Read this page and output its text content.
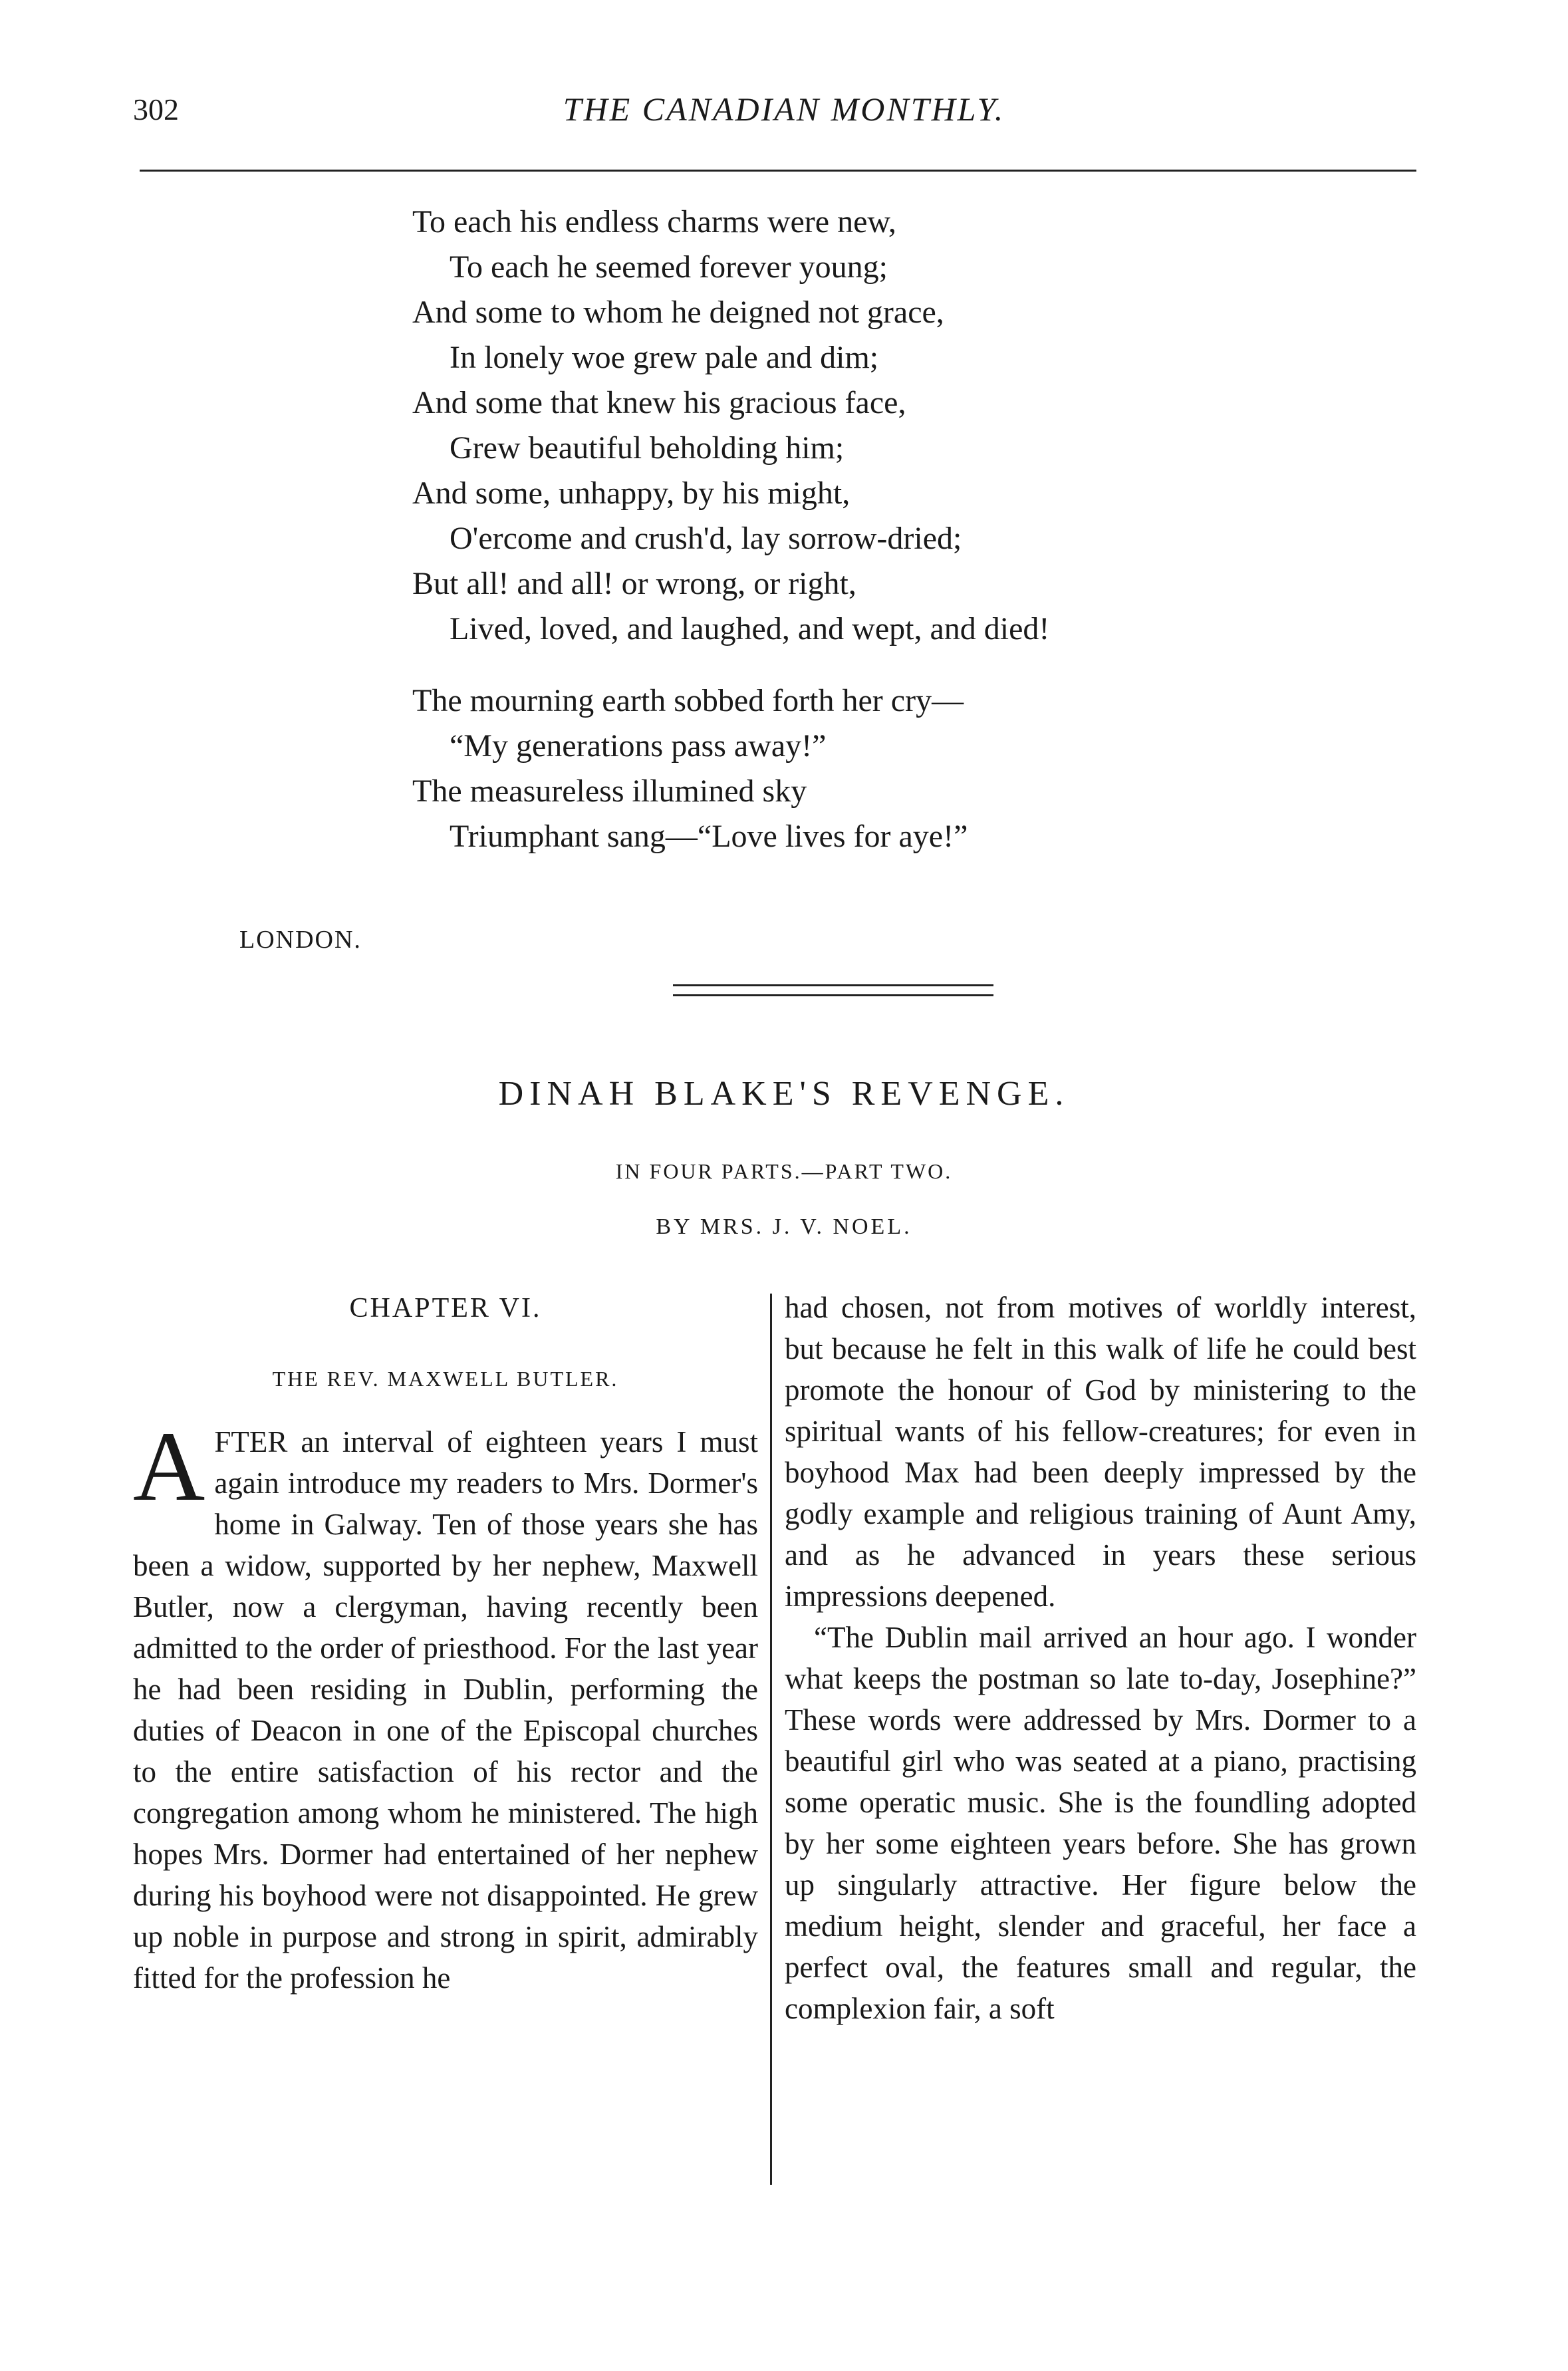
302	THE CANADIAN MONTHLY.
To each his endless charms were new,
To each he seemed forever young;
And some to whom he deigned not grace,
In lonely woe grew pale and dim;
And some that knew his gracious face,
Grew beautiful beholding him;
And some, unhappy, by his might,
O'ercome and crush'd, lay sorrow-dried;
But all! and all! or wrong, or right,
Lived, loved, and laughed, and wept, and died!
The mourning earth sobbed forth her cry—
“My generations pass away!”
The measureless illumined sky
Triumphant sang—“Love lives for aye!”
LONDON.
DINAH BLAKE'S REVENGE.
IN FOUR PARTS.—PART TWO.
BY MRS. J. V. NOEL.
CHAPTER VI.
THE REV. MAXWELL BUTLER.

AFTER an interval of eighteen years I must again introduce my readers to Mrs. Dormer's home in Galway. Ten of those years she has been a widow, supported by her nephew, Maxwell Butler, now a clergyman, having recently been admitted to the order of priesthood. For the last year he had been residing in Dublin, performing the duties of Deacon in one of the Episcopal churches to the entire satisfaction of his rector and the congregation among whom he ministered. The high hopes Mrs. Dormer had entertained of her nephew during his boyhood were not disappointed. He grew up noble in purpose and strong in spirit, admirably fitted for the profession he

had chosen, not from motives of worldly interest, but because he felt in this walk of life he could best promote the honour of God by ministering to the spiritual wants of his fellow-creatures; for even in boyhood Max had been deeply impressed by the godly example and religious training of Aunt Amy, and as he advanced in years these serious impressions deepened.

“The Dublin mail arrived an hour ago. I wonder what keeps the postman so late to-day, Josephine?” These words were addressed by Mrs. Dormer to a beautiful girl who was seated at a piano, practising some operatic music. She is the foundling adopted by her some eighteen years before. She has grown up singularly attractive. Her figure below the medium height, slender and graceful, her face a perfect oval, the features small and regular, the complexion fair, a soft
